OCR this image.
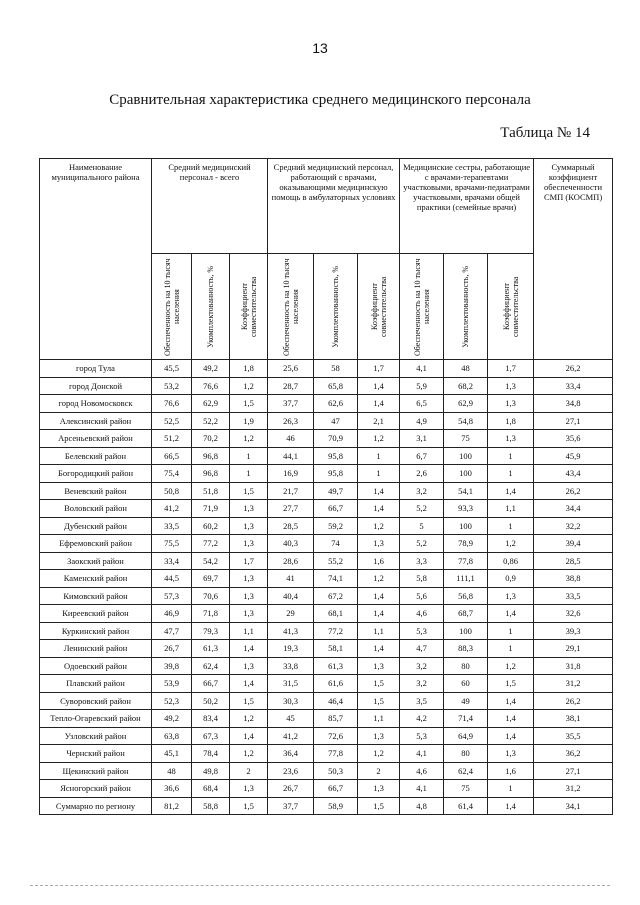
13
Сравнительная характеристика среднего медицинского персонала
Таблица № 14
Наименование муниципального района	Средний медицинский персонал - всего			Средний медицинский персонал, работающий с врачами, оказывающими медицинскую помощь в амбулаторных условиях			Медицинские сестры, работающие с врачами-терапевтами участковыми, врачами-педиатрами участковыми, врачами общей практики (семейные врачи)			Суммарный коэффициент обеспеченности СМП (КОСМП)

	Обеспеченность на 10 тысяч населения	Укомплектованность, %	Коэффициент совместительства	Обеспеченность на 10 тысяч населения	Укомплектованность, %	Коэффициент совместительства	Обеспеченность на 10 тысяч населения	Укомплектованность, %	Коэффициент совместительства	

город Тула	45,5	49,2	1,8	25,6	58	1,7	4,1	48	1,7	26,2
город Донской	53,2	76,6	1,2	28,7	65,8	1,4	5,9	68,2	1,3	33,4
город Новомосковск	76,6	62,9	1,5	37,7	62,6	1,4	6,5	62,9	1,3	34,8
Алексинский район	52,5	52,2	1,9	26,3	47	2,1	4,9	54,8	1,8	27,1
Арсеньевский район	51,2	70,2	1,2	46	70,9	1,2	3,1	75	1,3	35,6
Белевский район	66,5	96,8	1	44,1	95,8	1	6,7	100	1	45,9
Богородицкий район	75,4	96,8	1	16,9	95,8	1	2,6	100	1	43,4
Веневский район	50,8	51,8	1,5	21,7	49,7	1,4	3,2	54,1	1,4	26,2
Воловский район	41,2	71,9	1,3	27,7	66,7	1,4	5,2	93,3	1,1	34,4
Дубенский район	33,5	60,2	1,3	28,5	59,2	1,2	5	100	1	32,2
Ефремовский район	75,5	77,2	1,3	40,3	74	1,3	5,2	78,9	1,2	39,4
Заокский район	33,4	54,2	1,7	28,6	55,2	1,6	3,3	77,8	0,86	28,5
Каменский район	44,5	69,7	1,3	41	74,1	1,2	5,8	111,1	0,9	38,8
Кимовский район	57,3	70,6	1,3	40,4	67,2	1,4	5,6	56,8	1,3	33,5
Киреевский район	46,9	71,8	1,3	29	68,1	1,4	4,6	68,7	1,4	32,6
Куркинский район	47,7	79,3	1,1	41,3	77,2	1,1	5,3	100	1	39,3
Ленинский район	26,7	61,3	1,4	19,3	58,1	1,4	4,7	88,3	1	29,1
Одоевский район	39,8	62,4	1,3	33,8	61,3	1,3	3,2	80	1,2	31,8
Плавский район	53,9	66,7	1,4	31,5	61,6	1,5	3,2	60	1,5	31,2
Суворовский район	52,3	50,2	1,5	30,3	46,4	1,5	3,5	49	1,4	26,2
Тепло-Огаревский район	49,2	83,4	1,2	45	85,7	1,1	4,2	71,4	1,4	38,1
Узловский район	63,8	67,3	1,4	41,2	72,6	1,3	5,3	64,9	1,4	35,5
Чернский район	45,1	78,4	1,2	36,4	77,8	1,2	4,1	80	1,3	36,2
Щекинский район	48	49,8	2	23,6	50,3	2	4,6	62,4	1,6	27,1
Ясногорский район	36,6	68,4	1,3	26,7	66,7	1,3	4,1	75	1	31,2
Суммарно по региону	81,2	58,8	1,5	37,7	58,9	1,5	4,8	61,4	1,4	34,1
